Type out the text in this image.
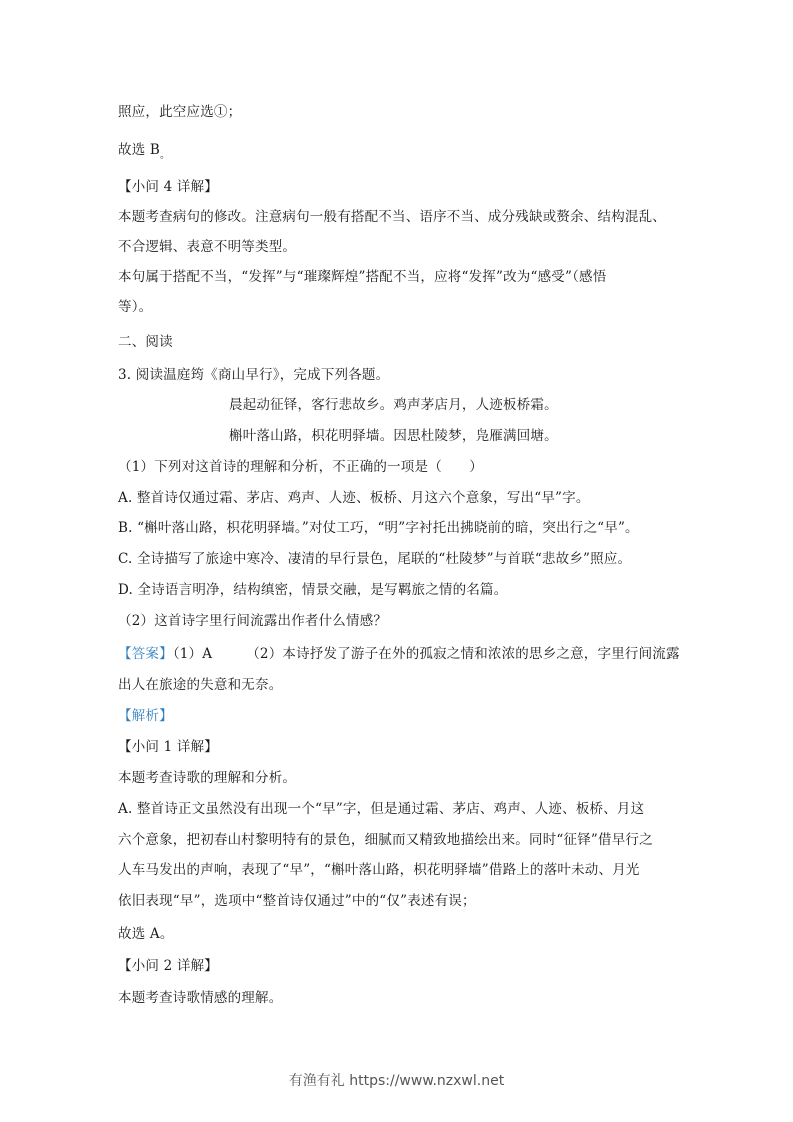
照应，此空应选①；
故选 $B_。$
【小问 4 详解】
本题考查病句的修改。注意病句一般有搭配不当、语序不当、成分残缺或赘余、结构混乱、
不合逻辑、表意不明等类型。
本句属于搭配不当，“发挥”与“璀璨辉煌”搭配不当，应将“发挥”改为“感受”（感悟
等）。
二、阅读
3. 阅读温庭筠《商山早行》，完成下列各题。
晨起动征铎，客行悲故乡。鸡声茅店月，人迹板桥霜。
槲叶落山路，枳花明驿墙。因思杜陵梦，凫雁满回塘。
（1）下列对这首诗的理解和分析，不正确的一项是（　　）
A. 整首诗仅通过霜、茅店、鸡声、人迹、板桥、月这六个意象，写出“早”字。
B. “槲叶落山路，枳花明驿墙。”对仗工巧，“明”字衬托出拂晓前的暗，突出行之“早”。
C. 全诗描写了旅途中寒冷、凄清的早行景色，尾联的“杜陵梦”与首联“悲故乡”照应。
D. 全诗语言明净，结构缜密，情景交融，是写羁旅之情的名篇。
（2）这首诗字里行间流露出作者什么情感？
【答案】（1）A	（2）本诗抒发了游子在外的孤寂之情和浓浓的思乡之意，字里行间流露
出人在旅途的失意和无奈。
【解析】
【小问 1 详解】
本题考查诗歌的理解和分析。
A. 整首诗正文虽然没有出现一个“早”字，但是通过霜、茅店、鸡声、人迹、板桥、月这
六个意象，把初春山村黎明特有的景色，细腻而又精致地描绘出来。同时“征铎”借早行之
人车马发出的声响，表现了“早”，“槲叶落山路，枳花明驿墙”借路上的落叶未动、月光
依旧表现“早”，选项中“整首诗仅通过”中的“仅”表述有误；
故选 A。
【小问 2 详解】
本题考查诗歌情感的理解。
有渔有礼 https://www.nzxwl.net
